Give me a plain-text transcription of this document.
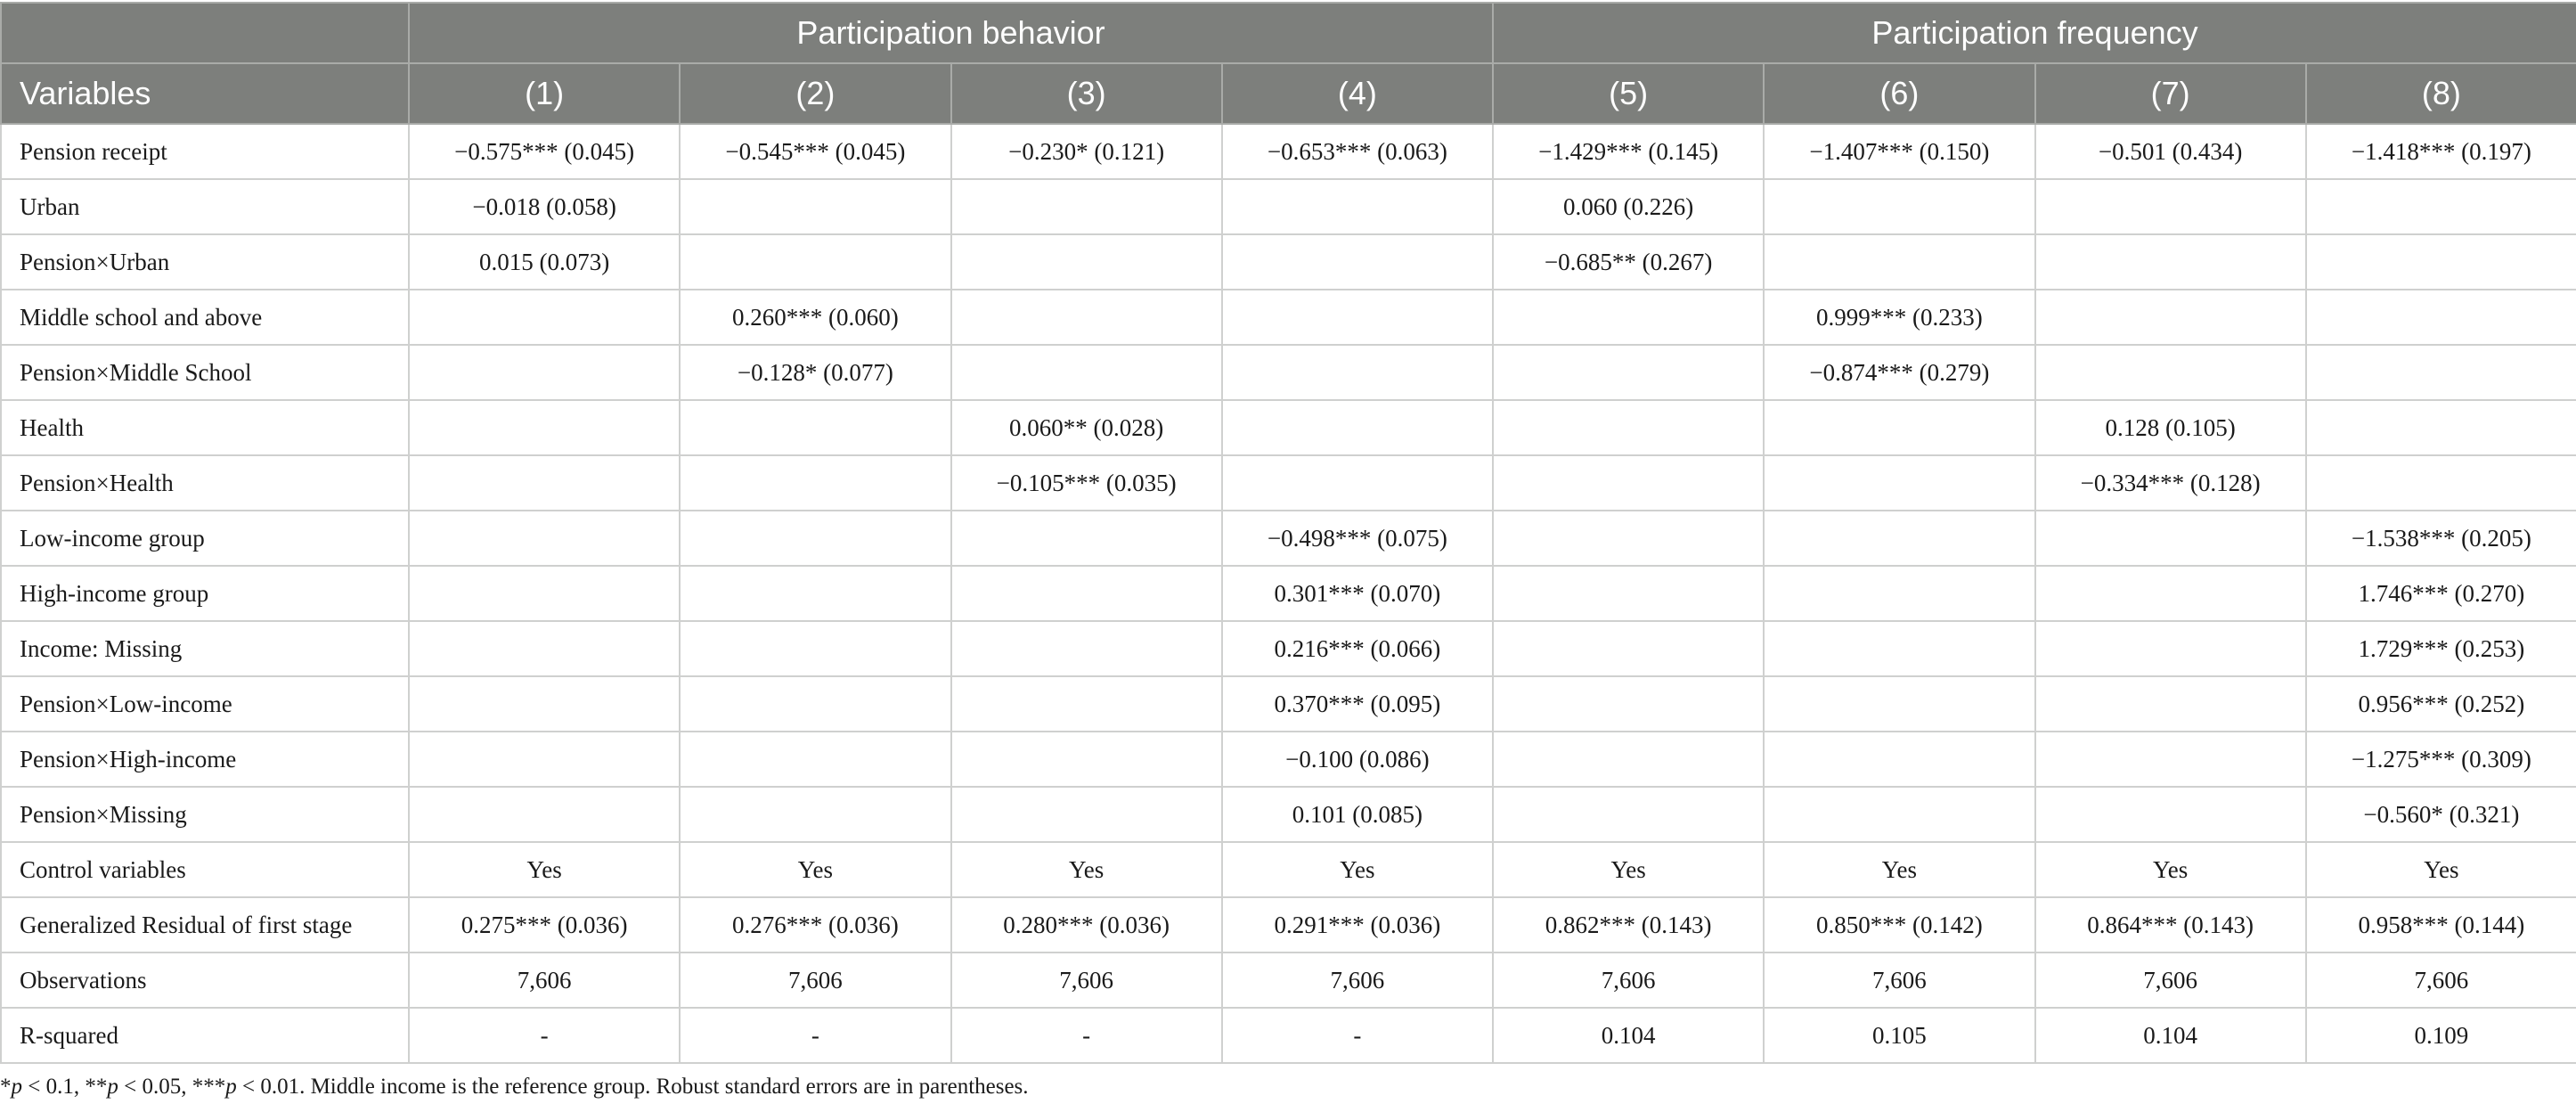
	Participation behavior				Participation frequency			
Variables	(1)	(2)	(3)	(4)	(5)	(6)	(7)	(8)
Pension receipt	−0.575*** (0.045)	−0.545*** (0.045)	−0.230* (0.121)	−0.653*** (0.063)	−1.429*** (0.145)	−1.407*** (0.150)	−0.501 (0.434)	−1.418*** (0.197)
Urban	−0.018 (0.058)				0.060 (0.226)			
Pension×Urban	0.015 (0.073)				−0.685** (0.267)			
Middle school and above		0.260*** (0.060)				0.999*** (0.233)		
Pension×Middle School		−0.128* (0.077)				−0.874*** (0.279)		
Health			0.060** (0.028)				0.128 (0.105)	
Pension×Health			−0.105*** (0.035)				−0.334*** (0.128)	
Low-income group				−0.498*** (0.075)				−1.538*** (0.205)
High-income group				0.301*** (0.070)				1.746*** (0.270)
Income: Missing				0.216*** (0.066)				1.729*** (0.253)
Pension×Low-income				0.370*** (0.095)				0.956*** (0.252)
Pension×High-income				−0.100 (0.086)				−1.275*** (0.309)
Pension×Missing				0.101 (0.085)				−0.560* (0.321)
Control variables	Yes	Yes	Yes	Yes	Yes	Yes	Yes	Yes
Generalized Residual of first stage	0.275*** (0.036)	0.276*** (0.036)	0.280*** (0.036)	0.291*** (0.036)	0.862*** (0.143)	0.850*** (0.142)	0.864*** (0.143)	0.958*** (0.144)
Observations	7,606	7,606	7,606	7,606	7,606	7,606	7,606	7,606
R-squared	-	-	-	-	0.104	0.105	0.104	0.109
*p < 0.1, **p < 0.05, ***p < 0.01. Middle income is the reference group. Robust standard errors are in parentheses.
